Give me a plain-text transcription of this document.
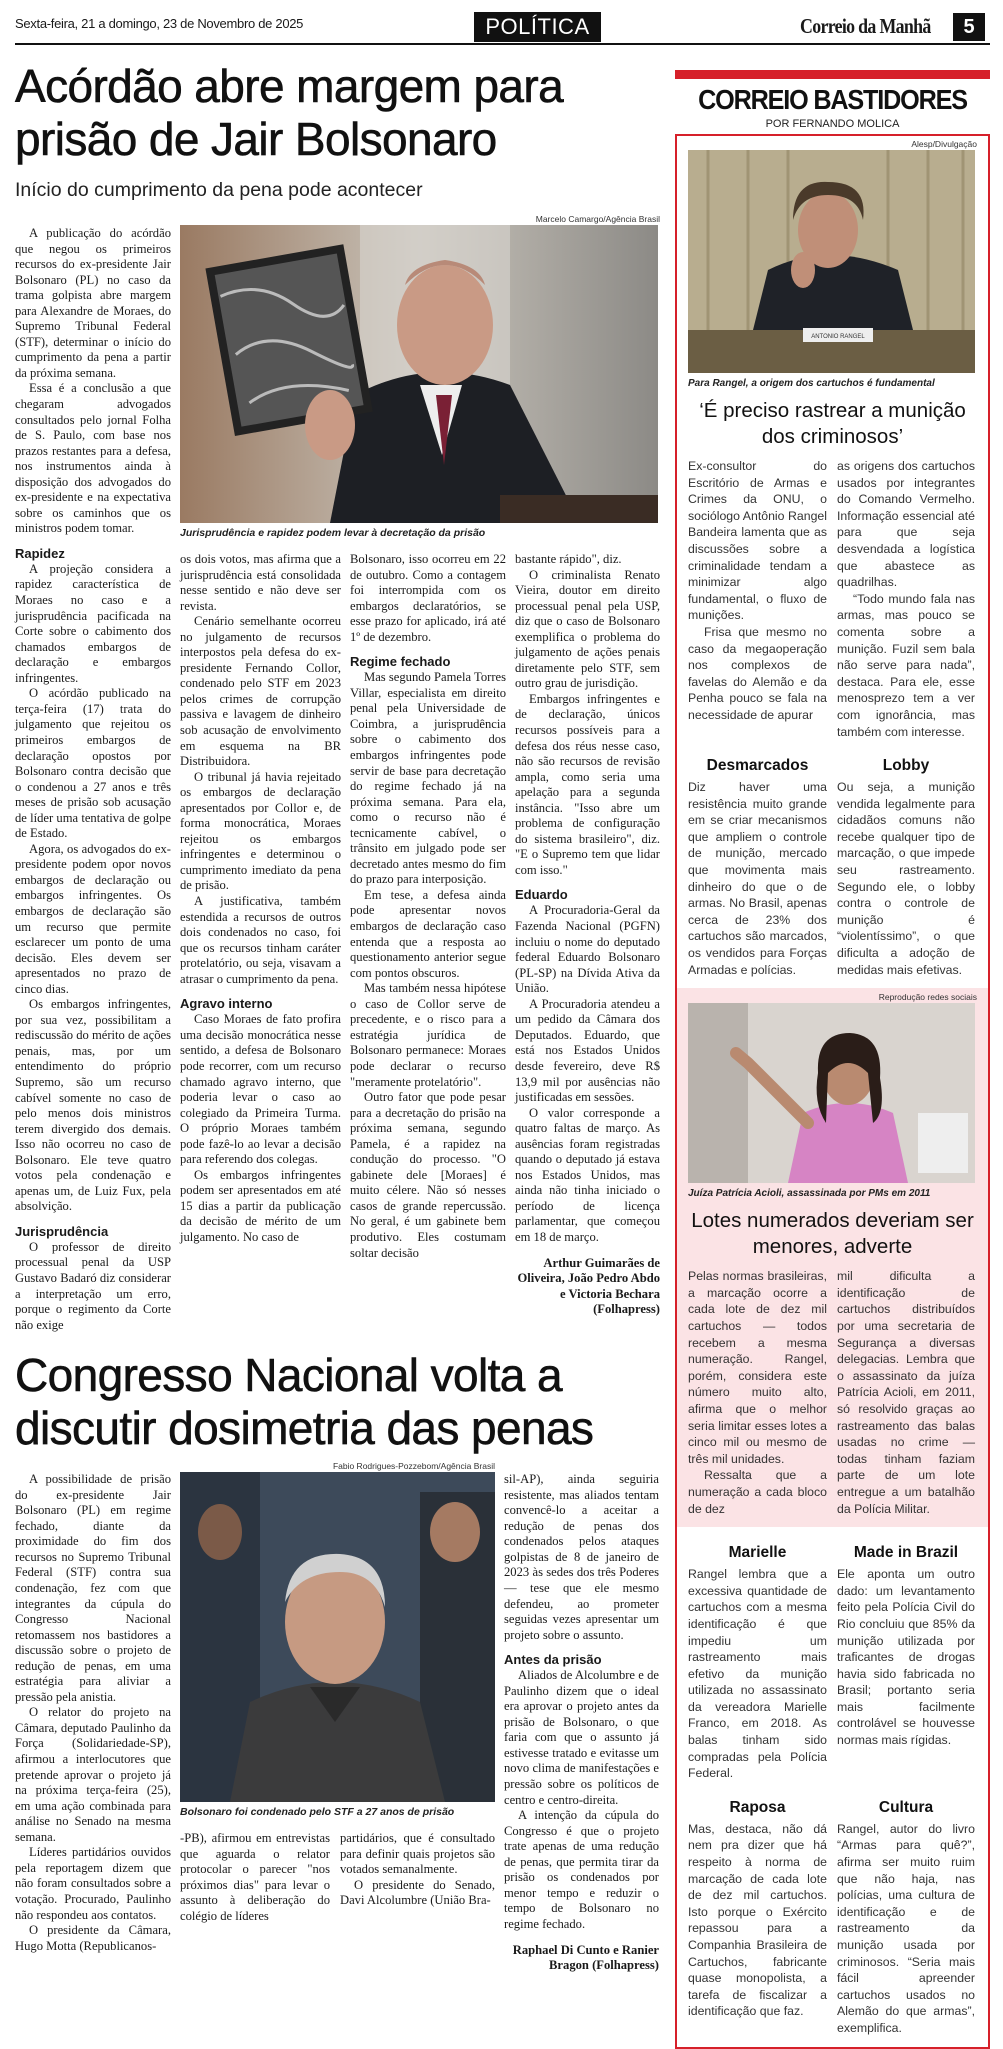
Sexta-feira, 21 a domingo, 23 de Novembro de 2025	POLÍTICA	Correio da Manhã	5
Acórdão abre margem para
prisão de Jair Bolsonaro
Início do cumprimento da pena pode acontecer

A publicação do acórdão que negou os primeiros recursos do ex-presidente Jair Bolsonaro (PL) no caso da trama golpista abre margem para Alexandre de Moraes, do Supremo Tribunal Federal (STF), determinar o início do cumprimento da pena a partir da próxima semana.

Essa é a conclusão a que chegaram advogados consultados pelo jornal Folha de S. Paulo, com base nos prazos restantes para a defesa, nos instrumentos ainda à disposição dos advogados do ex-presidente e na expectativa sobre os caminhos que os ministros podem tomar.

Rapidez

A projeção considera a rapidez característica de Moraes no caso e a jurisprudência pacificada na Corte sobre o cabimento dos chamados embargos de declaração e embargos infringentes.

O acórdão publicado na terça-feira (17) trata do julgamento que rejeitou os primeiros embargos de declaração opostos por Bolsonaro contra decisão que o condenou a 27 anos e três meses de prisão sob acusação de líder uma tentativa de golpe de Estado.

Agora, os advogados do ex-presidente podem opor novos embargos de declaração ou embargos infringentes. Os embargos de declaração são um recurso que permite esclarecer um ponto de uma decisão. Eles devem ser apresentados no prazo de cinco dias.

Os embargos infringentes, por sua vez, possibilitam a rediscussão do mérito de ações penais, mas, por um entendimento do próprio Supremo, são um recurso cabível somente no caso de pelo menos dois ministros terem divergido dos demais. Isso não ocorreu no caso de Bolsonaro. Ele teve quatro votos pela condenação e apenas um, de Luiz Fux, pela absolvição.

Jurisprudência

O professor de direito processual penal da USP Gustavo Badaró diz considerar a interpretação um erro, porque o regimento da Corte não exige

Marcelo Camargo/Agência Brasil
Jurisprudência e rapidez podem levar à decretação da prisão

os dois votos, mas afirma que a jurisprudência está consolidada nesse sentido e não deve ser revista.

Cenário semelhante ocorreu no julgamento de recursos interpostos pela defesa do ex-presidente Fernando Collor, condenado pelo STF em 2023 pelos crimes de corrupção passiva e lavagem de dinheiro sob acusação de envolvimento em esquema na BR Distribuidora.

O tribunal já havia rejeitado os embargos de declaração apresentados por Collor e, de forma monocrática, Moraes rejeitou os embargos infringentes e determinou o cumprimento imediato da pena de prisão.

A justificativa, também estendida a recursos de outros dois condenados no caso, foi que os recursos tinham caráter protelatório, ou seja, visavam a atrasar o cumprimento da pena.

Agravo interno

Caso Moraes de fato profira uma decisão monocrática nesse sentido, a defesa de Bolsonaro pode recorrer, com um recurso chamado agravo interno, que poderia levar o caso ao colegiado da Primeira Turma. O próprio Moraes também pode fazê-lo ao levar a decisão para referendo dos colegas.

Os embargos infringentes podem ser apresentados em até 15 dias a partir da publicação da decisão de mérito de um julgamento. No caso de

Bolsonaro, isso ocorreu em 22 de outubro. Como a contagem foi interrompida com os embargos declaratórios, se esse prazo for aplicado, irá até 1º de dezembro.

Regime fechado

Mas segundo Pamela Torres Villar, especialista em direito penal pela Universidade de Coimbra, a jurisprudência sobre o cabimento dos embargos infringentes pode servir de base para decretação do regime fechado já na próxima semana. Para ela, como o recurso não é tecnicamente cabível, o trânsito em julgado pode ser decretado antes mesmo do fim do prazo para interposição.

Em tese, a defesa ainda pode apresentar novos embargos de declaração caso entenda que a resposta ao questionamento anterior segue com pontos obscuros.

Mas também nessa hipótese o caso de Collor serve de precedente, e o risco para a estratégia jurídica de Bolsonaro permanece: Moraes pode declarar o recurso "meramente protelatório".

Outro fator que pode pesar para a decretação do prisão na próxima semana, segundo Pamela, é a rapidez na condução do processo. "O gabinete dele [Moraes] é muito célere. Não só nesses casos de grande repercussão. No geral, é um gabinete bem produtivo. Eles costumam soltar decisão

bastante rápido", diz.

O criminalista Renato Vieira, doutor em direito processual penal pela USP, diz que o caso de Bolsonaro exemplifica o problema do julgamento de ações penais diretamente pelo STF, sem outro grau de jurisdição.

Embargos infringentes e de declaração, únicos recursos possíveis para a defesa dos réus nesse caso, não são recursos de revisão ampla, como seria uma apelação para a segunda instância. "Isso abre um problema de configuração do sistema brasileiro", diz. "E o Supremo tem que lidar com isso."

Eduardo

A Procuradoria-Geral da Fazenda Nacional (PGFN) incluiu o nome do deputado federal Eduardo Bolsonaro (PL-SP) na Dívida Ativa da União.

A Procuradoria atendeu a um pedido da Câmara dos Deputados. Eduardo, que está nos Estados Unidos desde fevereiro, deve R$ 13,9 mil por ausências não justificadas em sessões.

O valor corresponde a quatro faltas de março. As ausências foram registradas quando o deputado já estava nos Estados Unidos, mas ainda não tinha iniciado o período de licença parlamentar, que começou em 18 de março.

Arthur Guimarães de Oliveira, João Pedro Abdo e Victoria Bechara (Folhapress)

Congresso Nacional volta a
discutir dosimetria das penas

A possibilidade de prisão do ex-presidente Jair Bolsonaro (PL) em regime fechado, diante da proximidade do fim dos recursos no Supremo Tribunal Federal (STF) contra sua condenação, fez com que integrantes da cúpula do Congresso Nacional retomassem nos bastidores a discussão sobre o projeto de redução de penas, em uma estratégia para aliviar a pressão pela anistia.

O relator do projeto na Câmara, deputado Paulinho da Força (Solidariedade-SP), afirmou a interlocutores que pretende aprovar o projeto já na próxima terça-feira (25), em uma ação combinada para análise no Senado na mesma semana.

Líderes partidários ouvidos pela reportagem dizem que não foram consultados sobre a votação. Procurado, Paulinho não respondeu aos contatos.

O presidente da Câmara, Hugo Motta (Republicanos-

Fabio Rodrigues-Pozzebom/Agência Brasil
Bolsonaro foi condenado pelo STF a 27 anos de prisão

-PB), afirmou em entrevistas que aguarda o relator protocolar o parecer "nos próximos dias" para levar o assunto à deliberação do colégio de líderes

partidários, que é consultado para definir quais projetos são votados semanalmente.

O presidente do Senado, Davi Alcolumbre (União Bra-

sil-AP), ainda seguiria resistente, mas aliados tentam convencê-lo a aceitar a redução de penas dos condenados pelos ataques golpistas de 8 de janeiro de 2023 às sedes dos três Poderes — tese que ele mesmo defendeu, ao prometer seguidas vezes apresentar um projeto sobre o assunto.

Antes da prisão

Aliados de Alcolumbre e de Paulinho dizem que o ideal era aprovar o projeto antes da prisão de Bolsonaro, o que faria com que o assunto já estivesse tratado e evitasse um novo clima de manifestações e pressão sobre os políticos de centro e centro-direita.

A intenção da cúpula do Congresso é que o projeto trate apenas de uma redução de penas, que permita tirar da prisão os condenados por menor tempo e reduzir o tempo de Bolsonaro no regime fechado.

Raphael Di Cunto e Ranier Bragon (Folhapress)

CORREIO BASTIDORES
POR FERNANDO MOLICA
Alesp/Divulgação
ANTONIO RANGEL
Para Rangel, a origem dos cartuchos é fundamental
‘É preciso rastrear a munição dos criminosos’

Ex-consultor do Escritório de Armas e Crimes da ONU, o sociólogo Antônio Rangel Bandeira lamenta que as discussões sobre a criminalidade tendam a minimizar algo fundamental, o fluxo de munições.

Frisa que mesmo no caso da megaoperação nos complexos de favelas do Alemão e da Penha pouco se fala na necessidade de apurar

as origens dos cartuchos usados por integrantes do Comando Vermelho. Informação essencial até para que seja desvendada a logística que abastece as quadrilhas.

“Todo mundo fala nas armas, mas pouco se comenta sobre a munição. Fuzil sem bala não serve para nada”, destaca. Para ele, esse menosprezo tem a ver com ignorância, mas também com interesse.

Desmarcados

Diz haver uma resistência muito grande em se criar mecanismos que ampliem o controle de munição, mercado que movimenta mais dinheiro do que o de armas. No Brasil, apenas cerca de 23% dos cartuchos são marcados, os vendidos para Forças Armadas e polícias.

Lobby

Ou seja, a munição vendida legalmente para cidadãos comuns não recebe qualquer tipo de marcação, o que impede seu rastreamento. Segundo ele, o lobby contra o controle de munição é “violentíssimo”, o que dificulta a adoção de medidas mais efetivas.

Reprodução redes sociais
Juíza Patrícia Acioli, assassinada por PMs em 2011
Lotes numerados deveriam ser menores, adverte

Pelas normas brasileiras, a marcação ocorre a cada lote de dez mil cartuchos — todos recebem a mesma numeração. Rangel, porém, considera este número muito alto, afirma que o melhor seria limitar esses lotes a cinco mil ou mesmo de três mil unidades.

Ressalta que a numeração a cada bloco de dez

mil dificulta a identificação de cartuchos distribuídos por uma secretaria de Segurança a diversas delegacias. Lembra que o assassinato da juíza Patrícia Acioli, em 2011, só resolvido graças ao rastreamento das balas usadas no crime — todas tinham faziam parte de um lote entregue a um batalhão da Polícia Militar.

Marielle

Rangel lembra que a excessiva quantidade de cartuchos com a mesma identificação é que impediu um rastreamento mais efetivo da munição utilizada no assassinato da vereadora Marielle Franco, em 2018. As balas tinham sido compradas pela Polícia Federal.

Made in Brazil

Ele aponta um outro dado: um levantamento feito pela Polícia Civil do Rio concluiu que 85% da munição utilizada por traficantes de drogas havia sido fabricada no Brasil; portanto seria mais facilmente controlável se houvesse normas mais rígidas.

Raposa

Mas, destaca, não dá nem pra dizer que há respeito à norma de marcação de cada lote de dez mil cartuchos. Isto porque o Exército repassou para a Companhia Brasileira de Cartuchos, fabricante quase monopolista, a tarefa de fiscalizar a identificação que faz.

Cultura

Rangel, autor do livro “Armas para quê?”, afirma ser muito ruim que não haja, nas polícias, uma cultura de identificação e de rastreamento da munição usada por criminosos. “Seria mais fácil apreender cartuchos usados no Alemão do que armas”, exemplifica.
